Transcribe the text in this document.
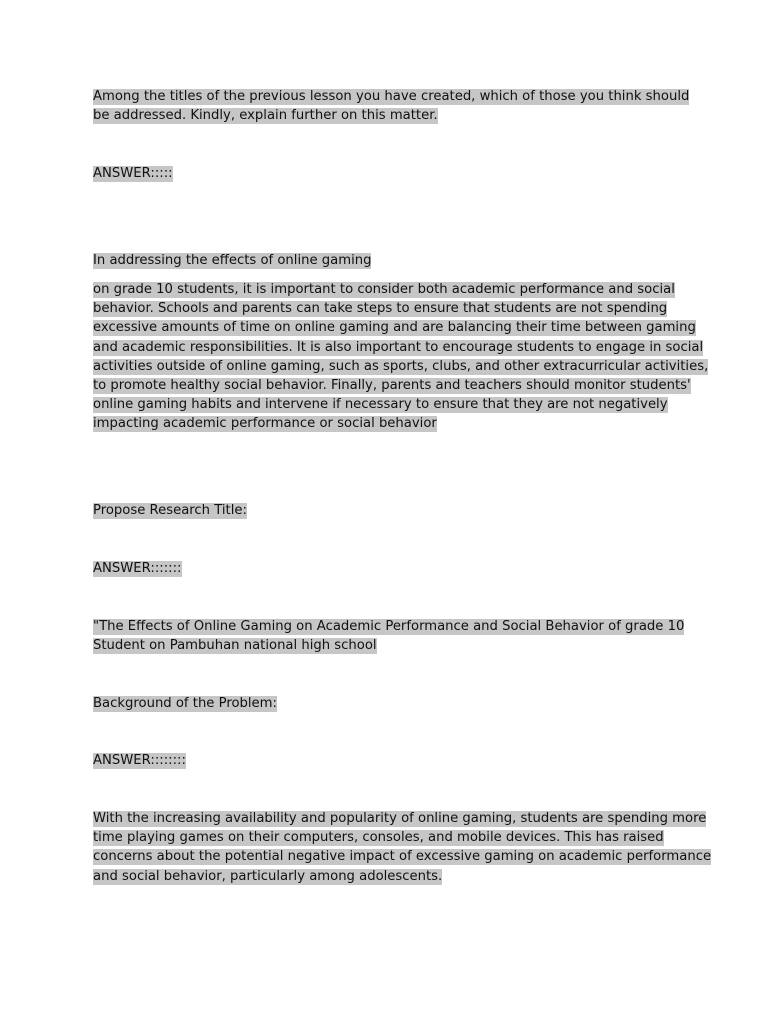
Among the titles of the previous lesson you have created, which of those you think should
be addressed. Kindly, explain further on this matter.

ANSWER:::::

In addressing the effects of online gaming

on grade 10 students, it is important to consider both academic performance and social
behavior. Schools and parents can take steps to ensure that students are not spending
excessive amounts of time on online gaming and are balancing their time between gaming
and academic responsibilities. It is also important to encourage students to engage in social
activities outside of online gaming, such as sports, clubs, and other extracurricular activities,
to promote healthy social behavior. Finally, parents and teachers should monitor students'
online gaming habits and intervene if necessary to ensure that they are not negatively
impacting academic performance or social behavior

Propose Research Title:

ANSWER:::::::

"The Effects of Online Gaming on Academic Performance and Social Behavior of grade 10
Student on Pambuhan national high school

Background of the Problem:

ANSWER::::::::

With the increasing availability and popularity of online gaming, students are spending more
time playing games on their computers, consoles, and mobile devices. This has raised
concerns about the potential negative impact of excessive gaming on academic performance
and social behavior, particularly among adolescents.
